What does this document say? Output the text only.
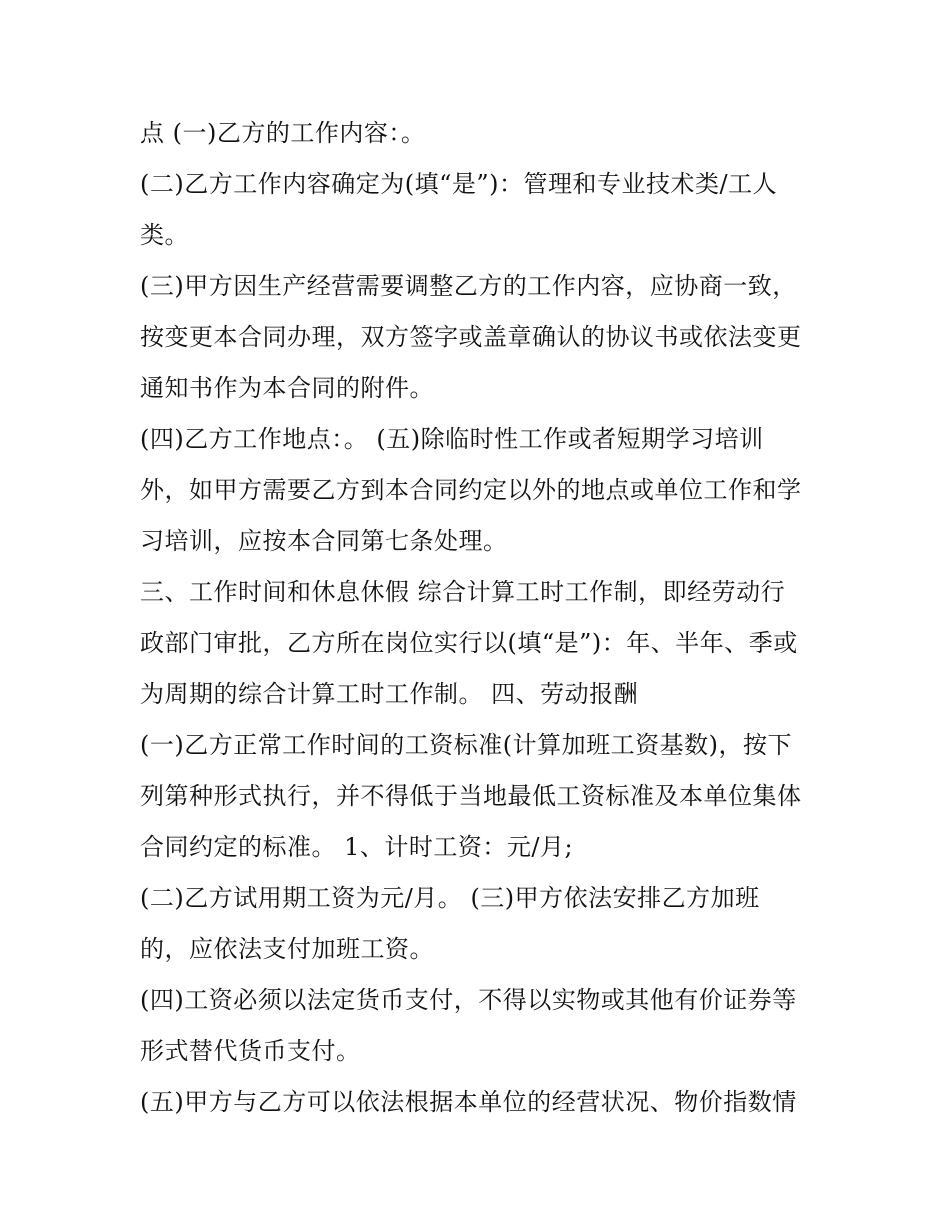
点 (一)乙方的工作内容：。
(二)乙方工作内容确定为(填“是”)：管理和专业技术类/工人
类。
(三)甲方因生产经营需要调整乙方的工作内容，应协商一致，
按变更本合同办理，双方签字或盖章确认的协议书或依法变更
通知书作为本合同的附件。
(四)乙方工作地点：。 (五)除临时性工作或者短期学习培训
外，如甲方需要乙方到本合同约定以外的地点或单位工作和学
习培训，应按本合同第七条处理。
三、工作时间和休息休假 综合计算工时工作制，即经劳动行
政部门审批，乙方所在岗位实行以(填“是”)：年、半年、季或
为周期的综合计算工时工作制。 四、劳动报酬
(一)乙方正常工作时间的工资标准(计算加班工资基数)，按下
列第种形式执行，并不得低于当地最低工资标准及本单位集体
合同约定的标准。 1、计时工资：元/月;
(二)乙方试用期工资为元/月。 (三)甲方依法安排乙方加班
的，应依法支付加班工资。
(四)工资必须以法定货币支付，不得以实物或其他有价证券等
形式替代货币支付。
(五)甲方与乙方可以依法根据本单位的经营状况、物价指数情
